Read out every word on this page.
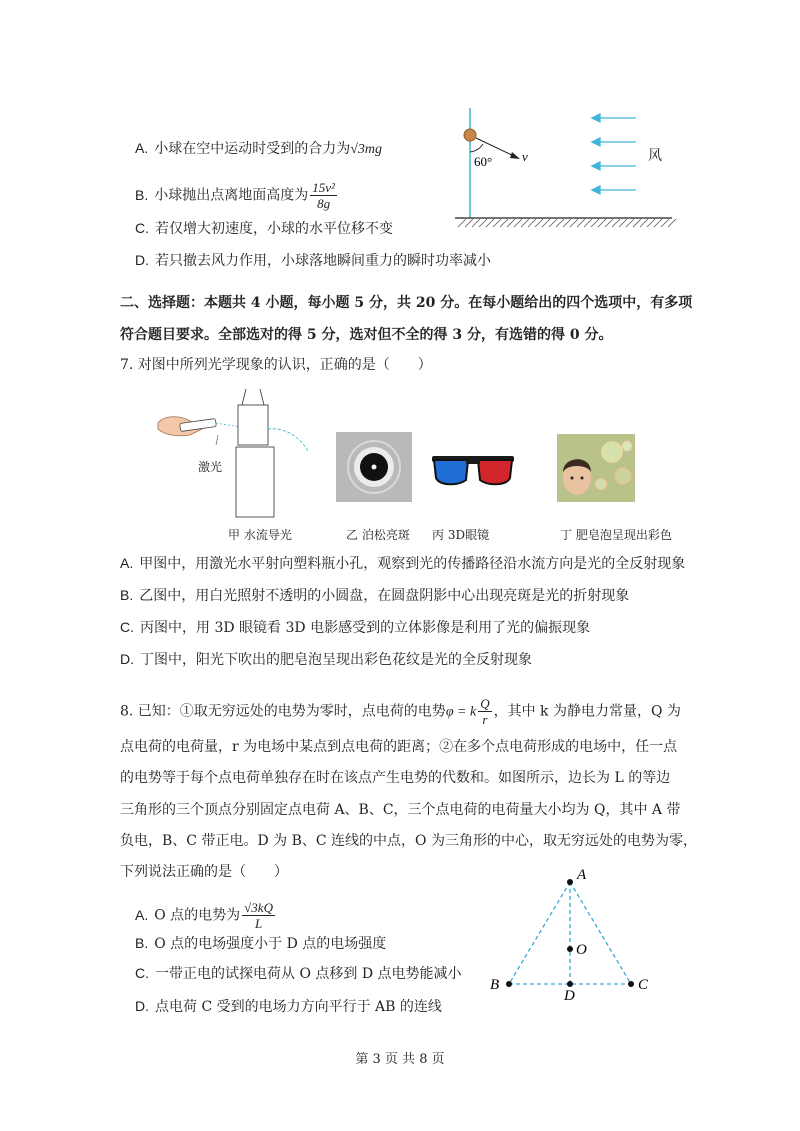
A. 小球在空中运动时受到的合力为√3mg
B. 小球抛出点离地面高度为 $\frac{\text{15v²}}{8g}$
C. 若仅增大初速度，小球的水平位移不变
D. 若只撤去风力作用，小球落地瞬间重力的瞬时功率减小
60° v	风
二、选择题：本题共 4 小题，每小题 5 分，共 20 分。在每小题给出的四个选项中，有多项
符合题目要求。全部选对的得 5 分，选对但不全的得 3 分，有选错的得 0 分。
7. 对图中所列光学现象的认识，正确的是（　　）
激光
甲 水流导光	乙 泊松亮斑 丙 3D眼镜	丁 肥皂泡呈现出彩色
A. 甲图中，用激光水平射向塑料瓶小孔，观察到光的传播路径沿水流方向是光的全反射现象
B. 乙图中，用白光照射不透明的小圆盘，在圆盘阴影中心出现亮斑是光的折射现象
C. 丙图中，用 3D 眼镜看 3D 电影感受到的立体影像是利用了光的偏振现象
D. 丁图中，阳光下吹出的肥皂泡呈现出彩色花纹是光的全反射现象
8. 已知：①取无穷远处的电势为零时，点电荷的电势φ = k $\frac{Q}{r}$ ，其中 k 为静电力常量，Q 为
点电荷的电荷量，r 为电场中某点到点电荷的距离；②在多个点电荷形成的电场中，任一点
的电势等于每个点电荷单独存在时在该点产生电势的代数和。如图所示，边长为 L 的等边
三角形的三个顶点分别固定点电荷 A、B、C，三个点电荷的电荷量大小均为 Q，其中 A 带
负电，B、C 带正电。D 为 B、C 连线的中点，O 为三角形的中心，取无穷远处的电势为零，
下列说法正确的是（　　）
A. O 点的电势为 $\frac{√3kQ}{L}$
B. O 点的电场强度小于 D 点的电场强度
C. 一带正电的试探电荷从 O 点移到 D 点电势能减小
D. 点电荷 C 受到的电场力方向平行于 AB 的连线
A
B	C
D
O
第 3 页 共 8 页
